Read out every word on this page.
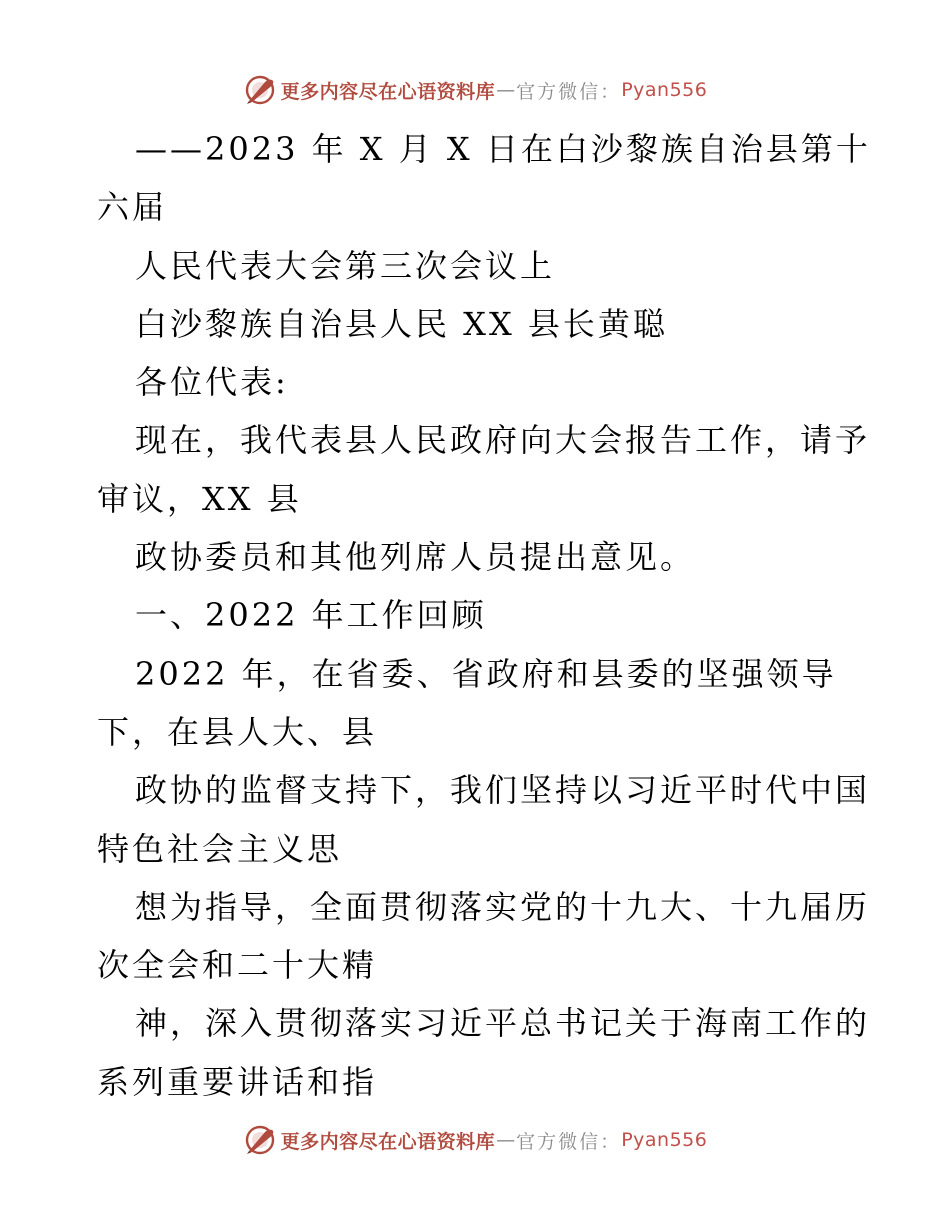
更多内容尽在心语资料库 — 官方微信： Pyan556
——2023 年 X 月 X 日在白沙黎族自治县第十
六届
人民代表大会第三次会议上
白沙黎族自治县人民 XX 县长黄聪
各位代表:
现在，我代表县人民政府向大会报告工作，请予
审议，XX 县
政协委员和其他列席人员提出意见。
一、2022 年工作回顾
2022 年，在省委、省政府和县委的坚强领导
下，在县人大、县
政协的监督支持下，我们坚持以习近平时代中国
特色社会主义思
想为指导，全面贯彻落实党的十九大、十九届历
次全会和二十大精
神，深入贯彻落实习近平总书记关于海南工作的
系列重要讲话和指
更多内容尽在心语资料库 — 官方微信： Pyan556
